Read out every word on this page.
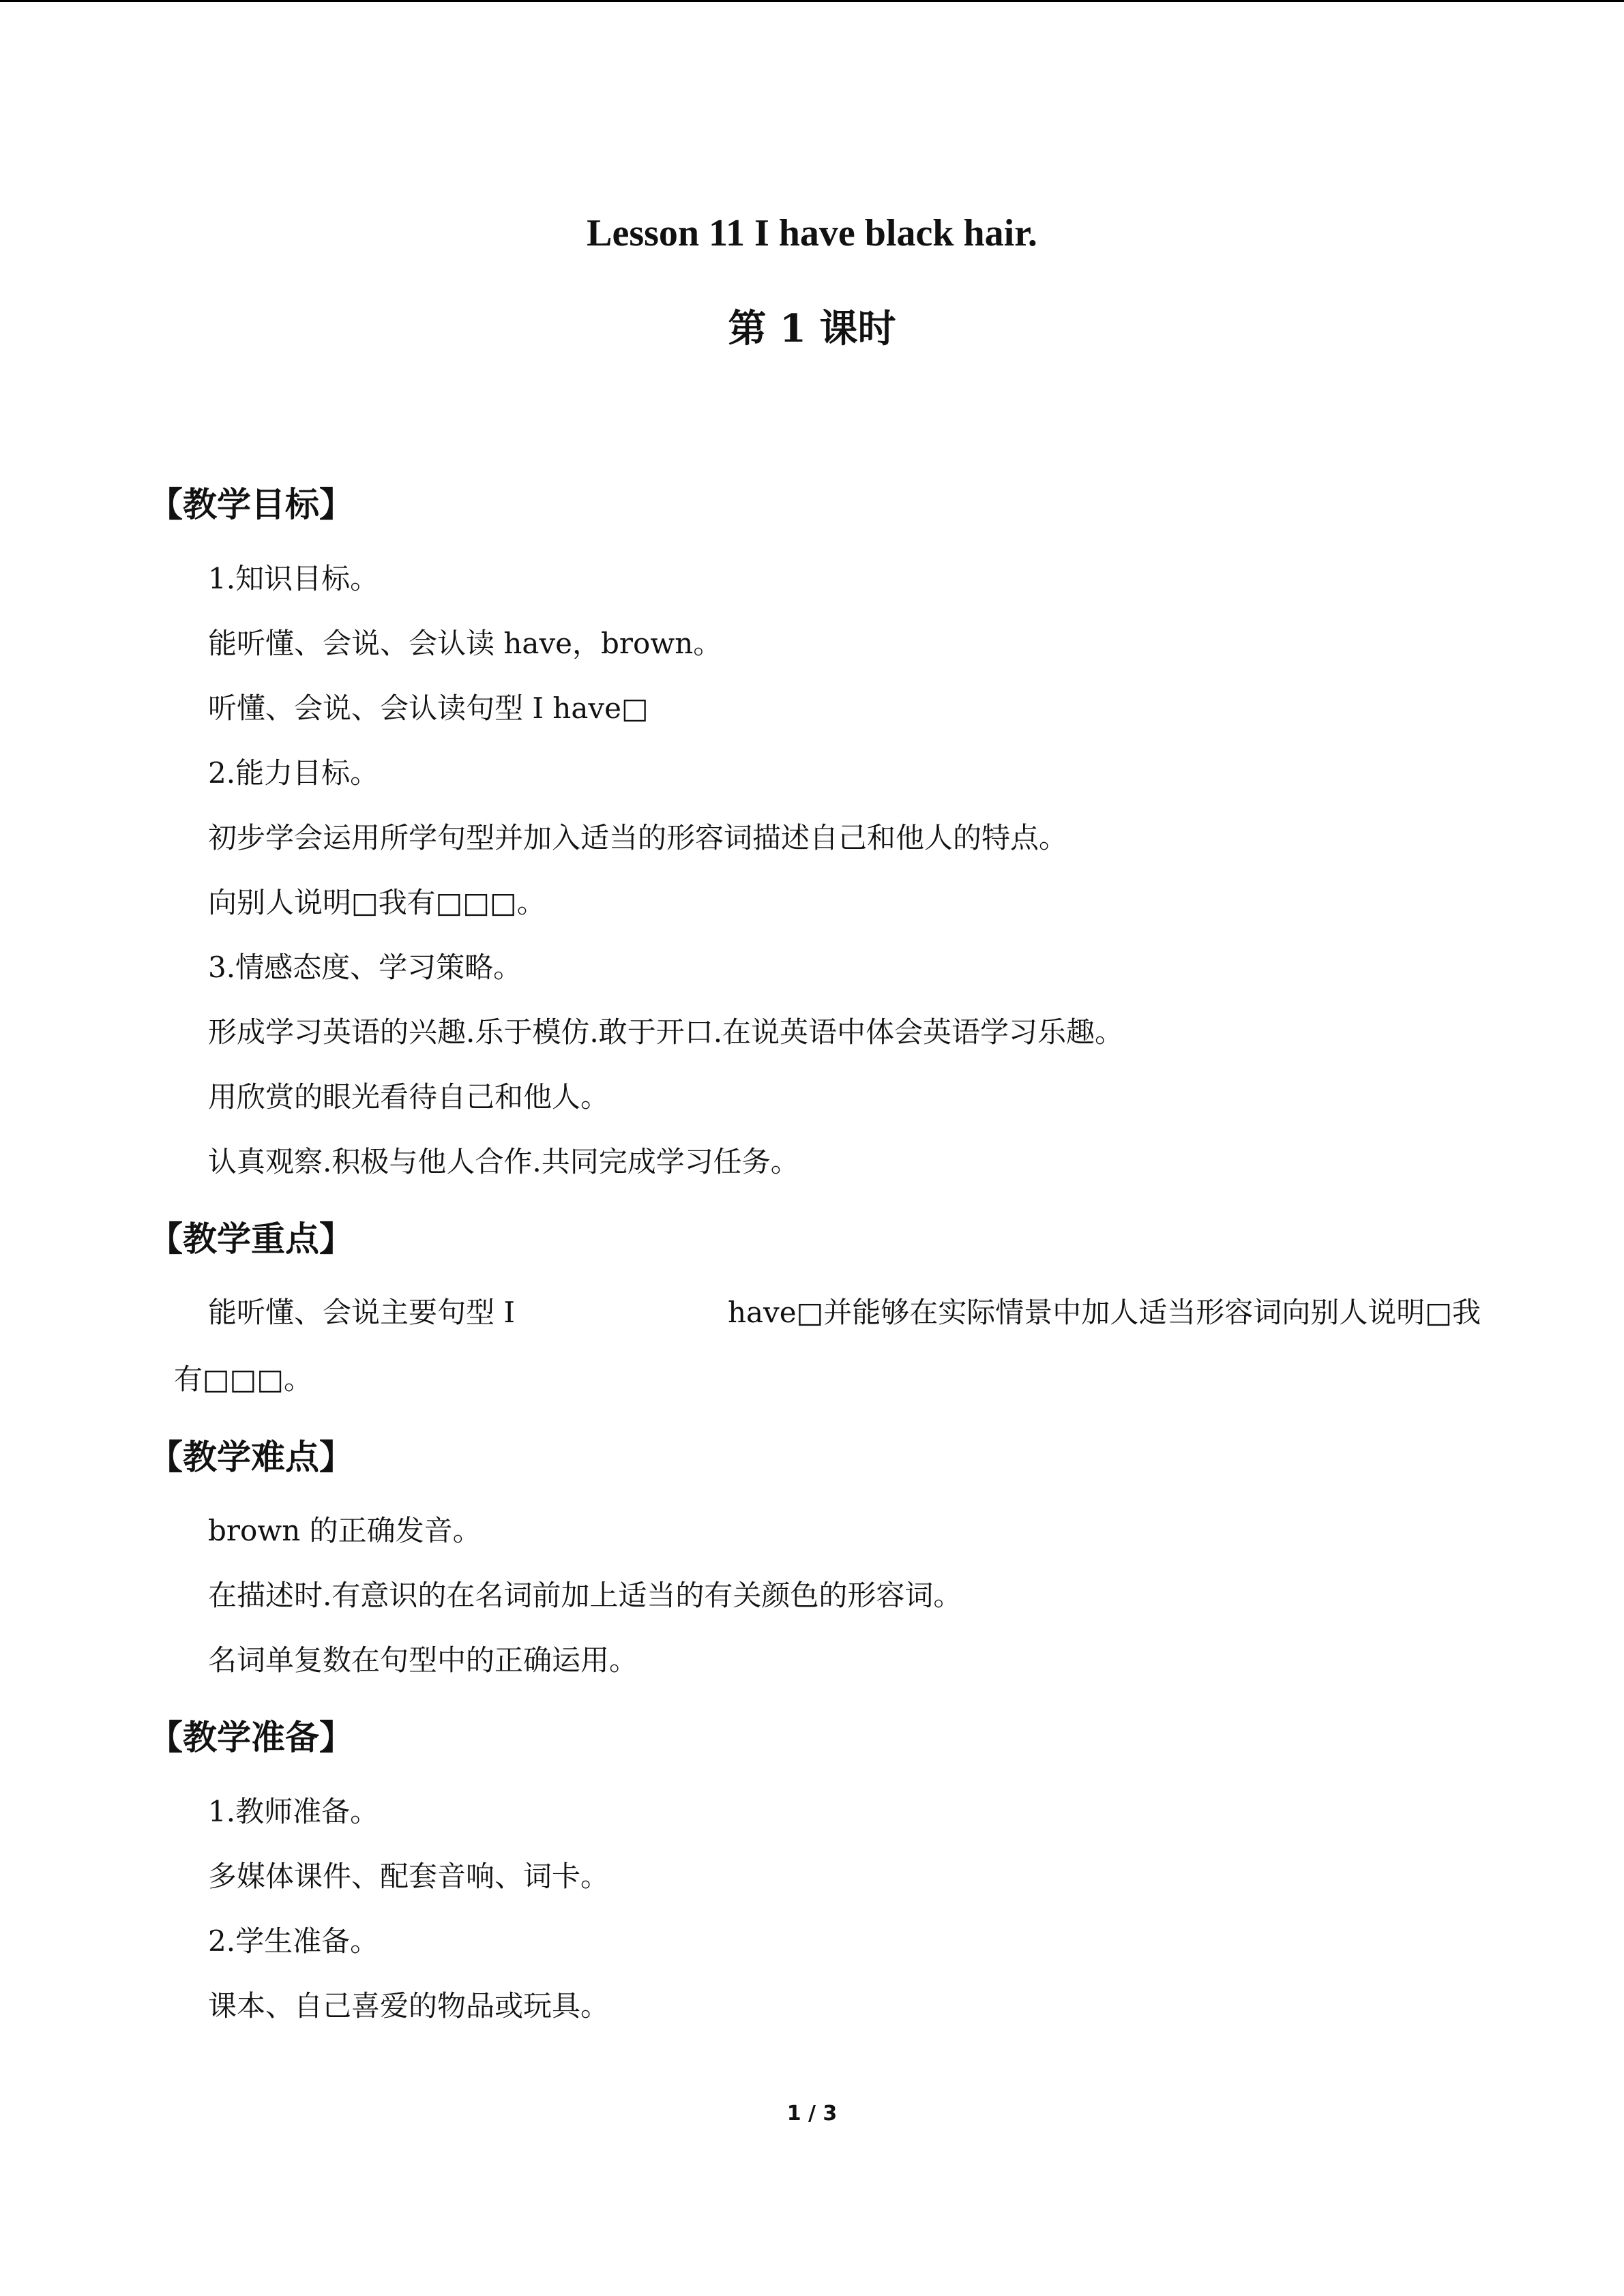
Lesson 11 I have black hair.
第 1 课时
【教学目标】
1.知识目标。
能听懂、会说、会认读 have，brown。
听懂、会说、会认读句型 I have□
2.能力目标。
初步学会运用所学句型并加入适当的形容词描述自己和他人的特点。
向别人说明□我有□□□。
3.情感态度、学习策略。
形成学习英语的兴趣.乐于模仿.敢于开口.在说英语中体会英语学习乐趣。
用欣赏的眼光看待自己和他人。
认真观察.积极与他人合作.共同完成学习任务。
【教学重点】
能听懂、会说主要句型 I	have□并能够在实际情景中加人适当形容词向别人说明□我
有□□□。
【教学难点】
brown 的正确发音。
在描述时.有意识的在名词前加上适当的有关颜色的形容词。
名词单复数在句型中的正确运用。
【教学准备】
1.教师准备。
多媒体课件、配套音响、词卡。
2.学生准备。
课本、自己喜爱的物品或玩具。
1 / 3
